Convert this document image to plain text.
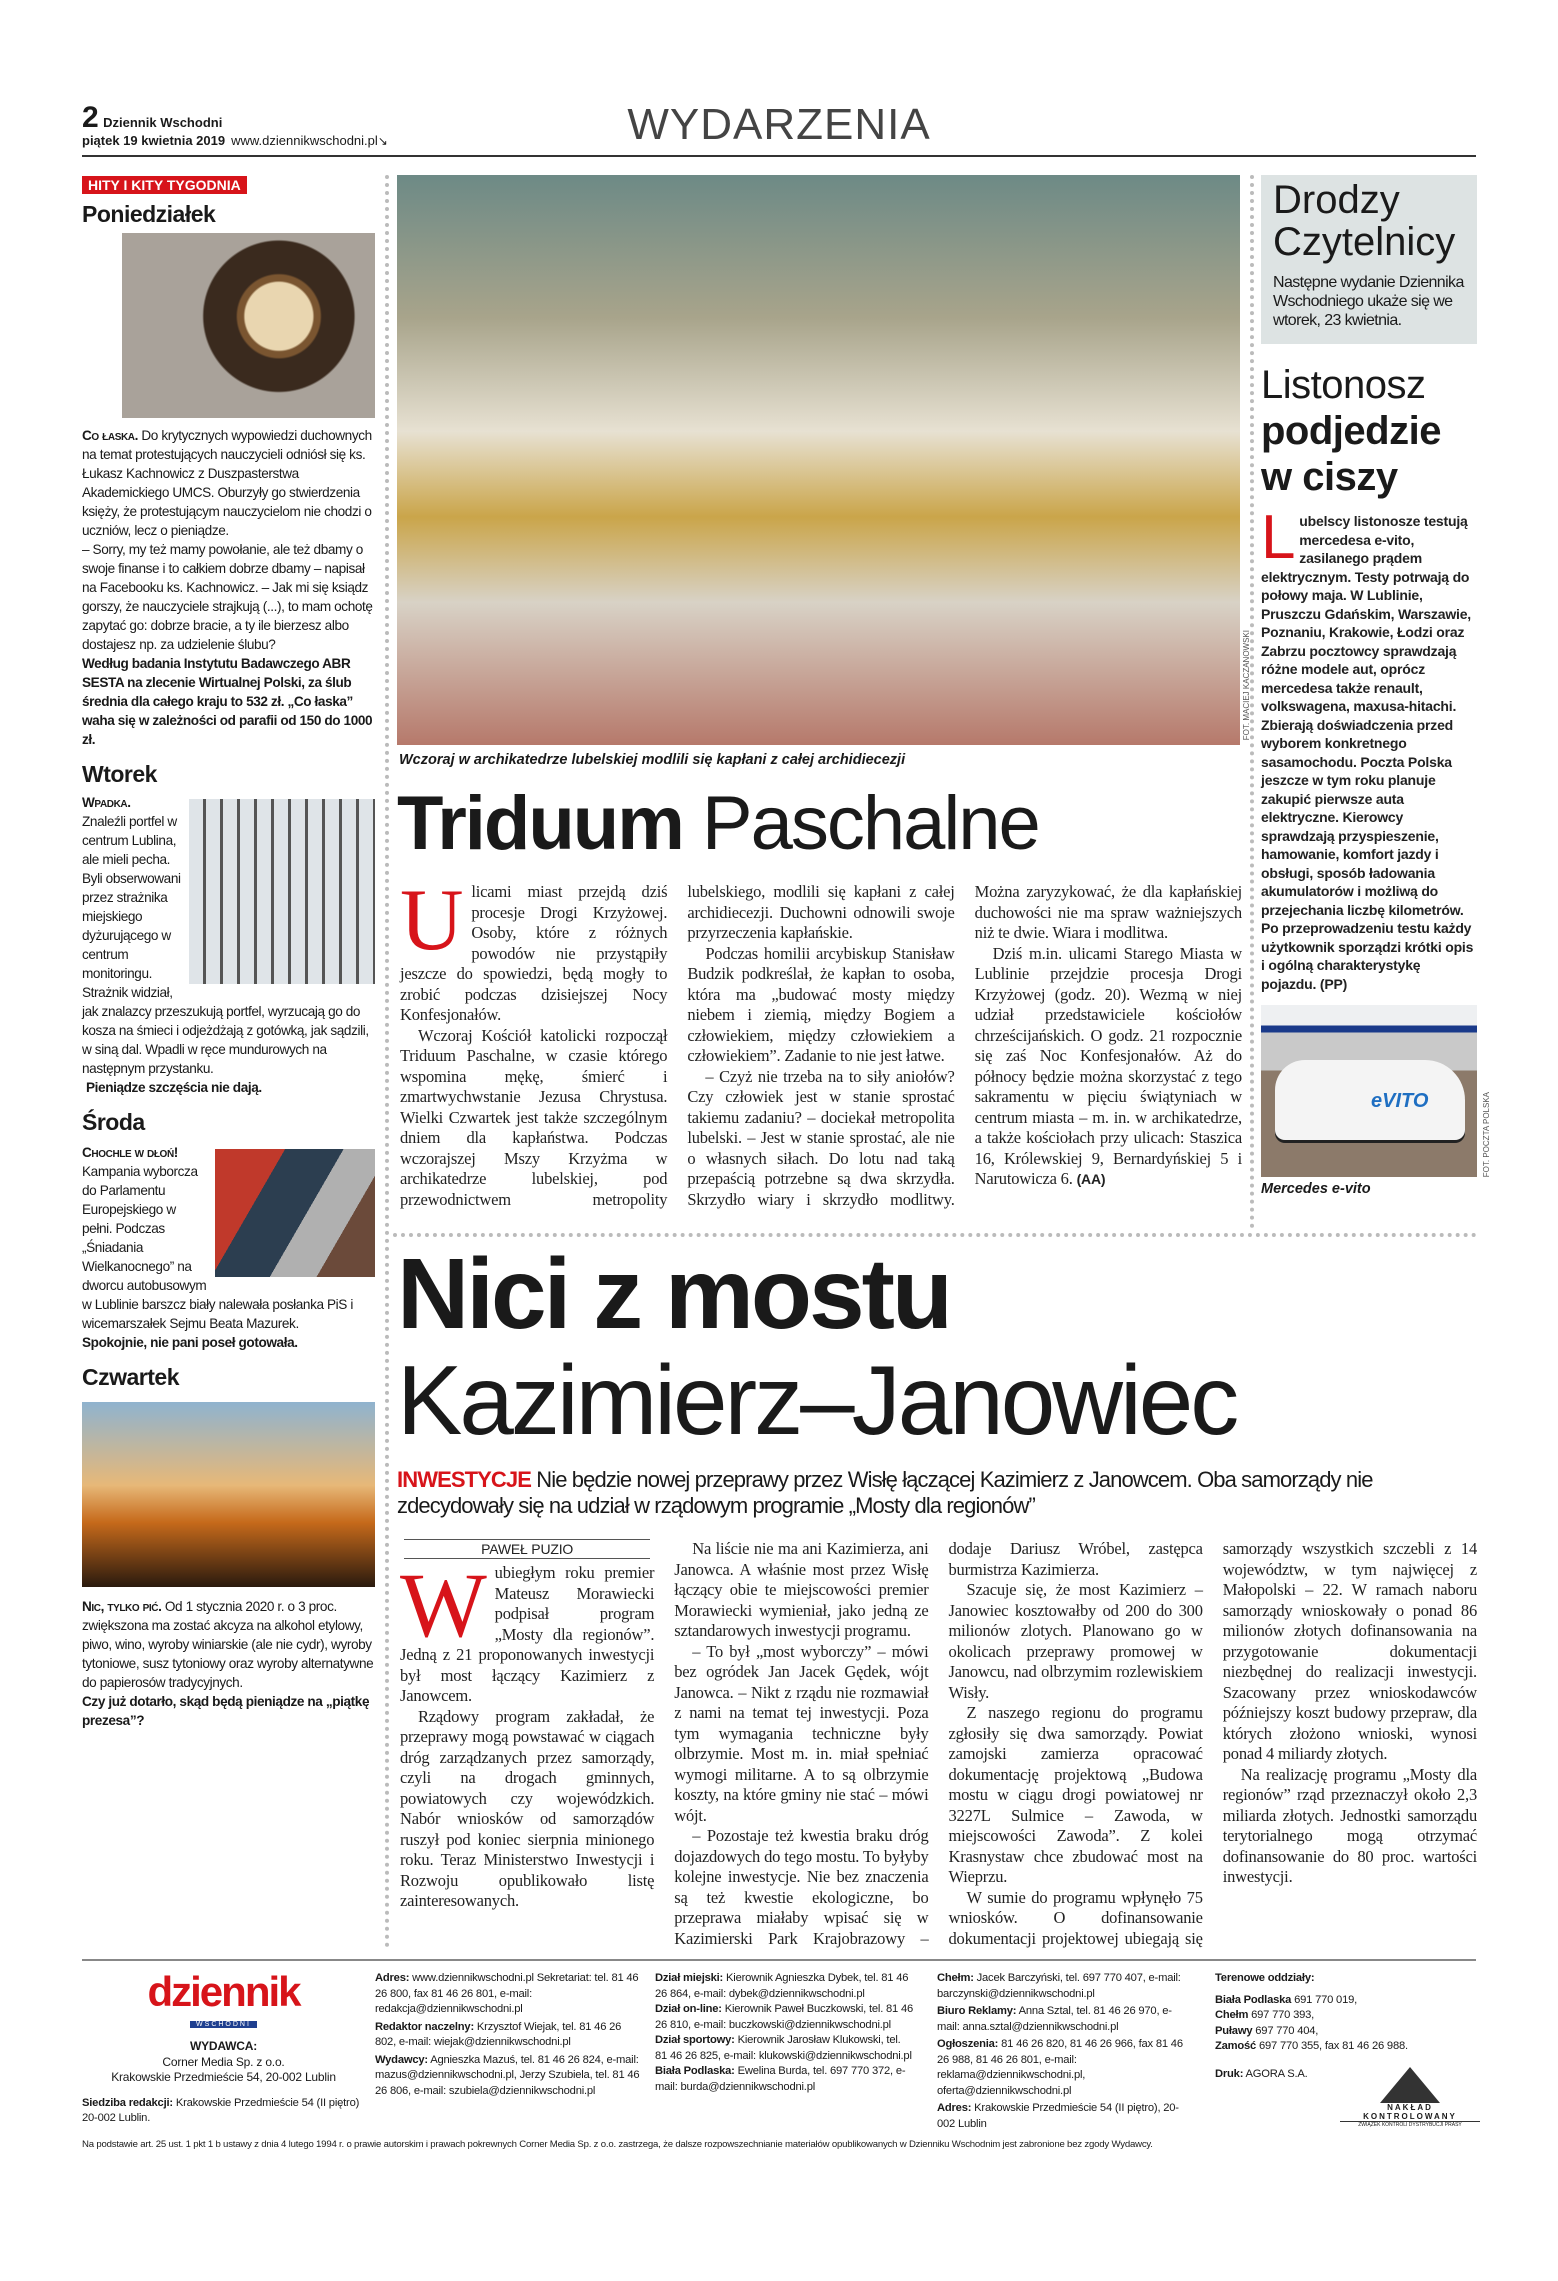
2 Dziennik Wschodni
piątek 19 kwietnia 2019 www.dziennikwschodni.pl↘	WYDARZENIA
HITY I KITY TYGODNIA
Poniedziałek

Co łaska. Do krytycznych wypowiedzi duchownych na temat protestujących nauczycieli odniósł się ks. Łukasz Kachnowicz z Duszpasterstwa Akademickiego UMCS. Oburzyły go stwierdzenia księży, że protestującym nauczycielom nie chodzi o uczniów, lecz o pieniądze.

– Sorry, my też mamy powołanie, ale też dbamy o swoje finanse i to całkiem dobrze dbamy – napisał na Facebooku ks. Kachnowicz. – Jak mi się ksiądz gorszy, że nauczyciele strajkują (...), to mam ochotę zapytać go: dobrze bracie, a ty ile bierzesz albo dostajesz np. za udzielenie ślubu?

Według badania Instytutu Badawczego ABR SESTA na zlecenie Wirtualnej Polski, za ślub średnia dla całego kraju to 532 zł. „Co łaska” waha się w zależności od parafii od 150 do 1000 zł.

Wtorek

Wpadka.
Znaleźli portfel w centrum Lublina, ale mieli pecha. Byli obserwowani przez strażnika miejskiego dyżurującego w centrum monitoringu. Strażnik widział, jak znalazcy przeszukują portfel, wyrzucają go do kosza na śmieci i odjeżdżają z gotówką, jak sądzili, w siną dal. Wpadli w ręce mundurowych na następnym przystanku.

Pieniądze szczęścia nie dają.

Środa

Chochle w dłoń!
Kampania wyborcza do Parlamentu Europejskiego w pełni. Podczas „Śniadania Wielkanocnego” na dworcu autobusowym w Lublinie barszcz biały nalewała posłanka PiS i wicemarszałek Sejmu Beata Mazurek.

Spokojnie, nie pani poseł gotowała.

Czwartek

Nic, tylko pić. Od 1 stycznia 2020 r. o 3 proc. zwiększona ma zostać akcyza na alkohol etylowy, piwo, wino, wyroby winiarskie (ale nie cydr), wyroby tytoniowe, susz tytoniowy oraz wyroby alternatywne do papierosów tradycyjnych.

Czy już dotarło, skąd będą pieniądze na „piątkę prezesa”?

FOT. MACIEJ KACZANOWSKI
Wczoraj w archikatedrze lubelskiej modlili się kapłani z całej archidiecezji
Triduum Paschalne

Ulicami miast przejdą dziś procesje Drogi Krzyżowej. Osoby, które z różnych powodów nie przystąpiły jeszcze do spowiedzi, będą mogły to zrobić podczas dzisiejszej Nocy Konfesjonałów.

Wczoraj Kościół katolicki rozpoczął Triduum Paschalne, w czasie którego wspomina mękę, śmierć i zmartwychwstanie Jezusa Chrystusa. Wielki Czwartek jest także szczególnym dniem dla kapłaństwa. Podczas wczorajszej Mszy Krzyżma w archikatedrze lubelskiej, pod przewodnictwem metropolity lubelskiego, modlili się kapłani z całej archidiecezji. Duchowni odnowili swoje przyrzeczenia kapłańskie.

Podczas homilii arcybiskup Stanisław Budzik podkreślał, że kapłan to osoba, która ma „budować mosty między niebem i ziemią, między Bogiem a człowiekiem, między człowiekiem a człowiekiem”. Zadanie to nie jest łatwe.

– Czyż nie trzeba na to siły aniołów? Czy człowiek jest w stanie sprostać takiemu zadaniu? – dociekał metropolita lubelski. – Jest w stanie sprostać, ale nie o własnych siłach. Do lotu nad taką przepaścią potrzebne są dwa skrzydła. Skrzydło wiary i skrzydło modlitwy. Można zaryzykować, że dla kapłańskiej duchowości nie ma spraw ważniejszych niż te dwie. Wiara i modlitwa.

Dziś m.in. ulicami Starego Miasta w Lublinie przejdzie procesja Drogi Krzyżowej (godz. 20). Wezmą w niej udział przedstawiciele kościołów chrześcijańskich. O godz. 21 rozpocznie się zaś Noc Konfesjonałów. Aż do północy będzie można skorzystać z tego sakramentu w pięciu świątyniach w centrum miasta – m. in. w archikatedrze, a także kościołach przy ulicach: Staszica 16, Królewskiej 9, Bernardyńskiej 5 i Narutowicza 6. (AA)

Drodzy Czytelnicy
Następne wydanie Dziennika Wschodniego ukaże się we wtorek, 23 kwietnia.
Listonosz
podjedzie w ciszy
Lubelscy listonosze testują mercedesa e-vito, zasilanego prądem elektrycznym. Testy potrwają do połowy maja. W Lublinie, Pruszczu Gdańskim, Warszawie, Poznaniu, Krakowie, Łodzi oraz Zabrzu pocztowcy sprawdzają różne modele aut, oprócz mercedesa także renault, volkswagena, maxusa-hitachi. Zbierają doświadczenia przed wyborem konkretnego sasamochodu. Poczta Polska jeszcze w tym roku planuje zakupić pierwsze auta elektryczne. Kierowcy sprawdzają przyspieszenie, hamowanie, komfort jazdy i obsługi, sposób ładowania akumulatorów i możliwą do przejechania liczbę kilometrów. Po przeprowadzeniu testu każdy użytkownik sporządzi krótki opis i ogólną charakterystykę pojazdu. (PP)
eVITO	FOT. POCZTA POLSKA
Mercedes e-vito
Nici z mostu
Kazimierz–Janowiec
INWESTYCJE Nie będzie nowej przeprawy przez Wisłę łączącej Kazimierz z Janowcem. Oba samorządy nie zdecydowały się na udział w rządowym programie „Mosty dla regionów”
PAWEŁ PUZIO

Wubiegłym roku premier Mateusz Morawiecki podpisał program „Mosty dla regionów”. Jedną z 21 proponowanych inwestycji był most łączący Kazimierz z Janowcem.

Rządowy program zakładał, że przeprawy mogą powstawać w ciągach dróg zarządzanych przez samorządy, czyli na drogach gminnych, powiatowych czy wojewódzkich. Nabór wniosków od samorządów ruszył pod koniec sierpnia minionego roku. Teraz Ministerstwo Inwestycji i Rozwoju opublikowało listę zainteresowanych.

Na liście nie ma ani Kazimierza, ani Janowca. A właśnie most przez Wisłę łączący obie te miejscowości premier Morawiecki wymieniał, jako jedną ze sztandarowych inwestycji programu.

– To był „most wyborczy” – mówi bez ogródek Jan Jacek Gędek, wójt Janowca. – Nikt z rządu nie rozmawiał z nami na temat tej inwestycji. Poza tym wymagania techniczne były olbrzymie. Most m. in. miał spełniać wymogi militarne. A to są olbrzymie koszty, na które gminy nie stać – mówi wójt.

– Pozostaje też kwestia braku dróg dojazdowych do tego mostu. To byłyby kolejne inwestycje. Nie bez znaczenia są też kwestie ekologiczne, bo przeprawa miałaby wpisać się w Kazimierski Park Krajobrazowy – dodaje Dariusz Wróbel, zastępca burmistrza Kazimierza.

Szacuje się, że most Kazimierz – Janowiec kosztowałby od 200 do 300 milionów zlotych. Planowano go w okolicach przeprawy promowej w Janowcu, nad olbrzymim rozlewiskiem Wisły.

Z naszego regionu do programu zgłosiły się dwa samorządy. Powiat zamojski zamierza opracować dokumentację projektową „Budowa mostu w ciągu drogi powiatowej nr 3227L Sulmice – Zawoda, w miejscowości Zawoda”. Z kolei Krasnystaw chce zbudować most na Wieprzu.

W sumie do programu wpłynęło 75 wniosków. O dofinansowanie dokumentacji projektowej ubiegają się samorządy wszystkich szczebli z 14 województw, w tym najwięcej z Małopolski – 22. W ramach naboru samorządy wnioskowały o ponad 86 milionów złotych dofinansowania na przygotowanie dokumentacji niezbędnej do realizacji inwestycji. Szacowany przez wnioskodawców późniejszy koszt budowy przepraw, dla których złożono wnioski, wynosi ponad 4 miliardy złotych.

Na realizację programu „Mosty dla regionów” rząd przeznaczył około 2,3 miliarda złotych. Jednostki samorządu terytorialnego mogą otrzymać dofinansowanie do 80 proc. wartości inwestycji.

dziennik
WSCHODNI
WYDAWCA:
Corner Media Sp. z o.o.
Krakowskie Przedmieście 54, 20-002 Lublin
Siedziba redakcji: Krakowskie Przedmieście 54 (II piętro) 20-002 Lublin.
Adres: www.dziennikwschodni.pl Sekretariat: tel. 81 46 26 800, fax 81 46 26 801, e-mail: redakcja@dziennikwschodni.pl
Redaktor naczelny: Krzysztof Wiejak, tel. 81 46 26 802, e-mail: wiejak@dziennikwschodni.pl
Wydawcy: Agnieszka Mazuś, tel. 81 46 26 824, e-mail: mazus@dziennikwschodni.pl, Jerzy Szubiela, tel. 81 46 26 806, e-mail: szubiela@dziennikwschodni.pl
Dział miejski: Kierownik Agnieszka Dybek, tel. 81 46 26 864, e-mail: dybek@dziennikwschodni.pl
Dział on-line: Kierownik Paweł Buczkowski, tel. 81 46 26 810, e-mail: buczkowski@dziennikwschodni.pl
Dział sportowy: Kierownik Jarosław Klukowski, tel. 81 46 26 825, e-mail: klukowski@dziennikwschodni.pl
Biała Podlaska: Ewelina Burda, tel. 697 770 372, e-mail: burda@dziennikwschodni.pl
Chełm: Jacek Barczyński, tel. 697 770 407, e-mail: barczynski@dziennikwschodni.pl
Biuro Reklamy: Anna Sztal, tel. 81 46 26 970, e-mail: anna.sztal@dziennikwschodni.pl
Ogłoszenia: 81 46 26 820, 81 46 26 966, fax 81 46 26 988, 81 46 26 801, e-mail: reklama@dziennikwschodni.pl, oferta@dziennikwschodni.pl
Adres: Krakowskie Przedmieście 54 (II piętro), 20-002 Lublin
Terenowe oddziały:
Biała Podlaska 691 770 019,
Chełm 697 770 393,
Puławy 697 770 404,
Zamość 697 770 355, fax 81 46 26 988.
Druk: AGORA S.A.
NAKŁAD KONTROLOWANY
ZWIĄZEK KONTROLI DYSTRYBUCJI PRASY
Na podstawie art. 25 ust. 1 pkt 1 b ustawy z dnia 4 lutego 1994 r. o prawie autorskim i prawach pokrewnych Corner Media Sp. z o.o. zastrzega, że dalsze rozpowszechnianie materiałów opublikowanych w Dzienniku Wschodnim jest zabronione bez zgody Wydawcy.
